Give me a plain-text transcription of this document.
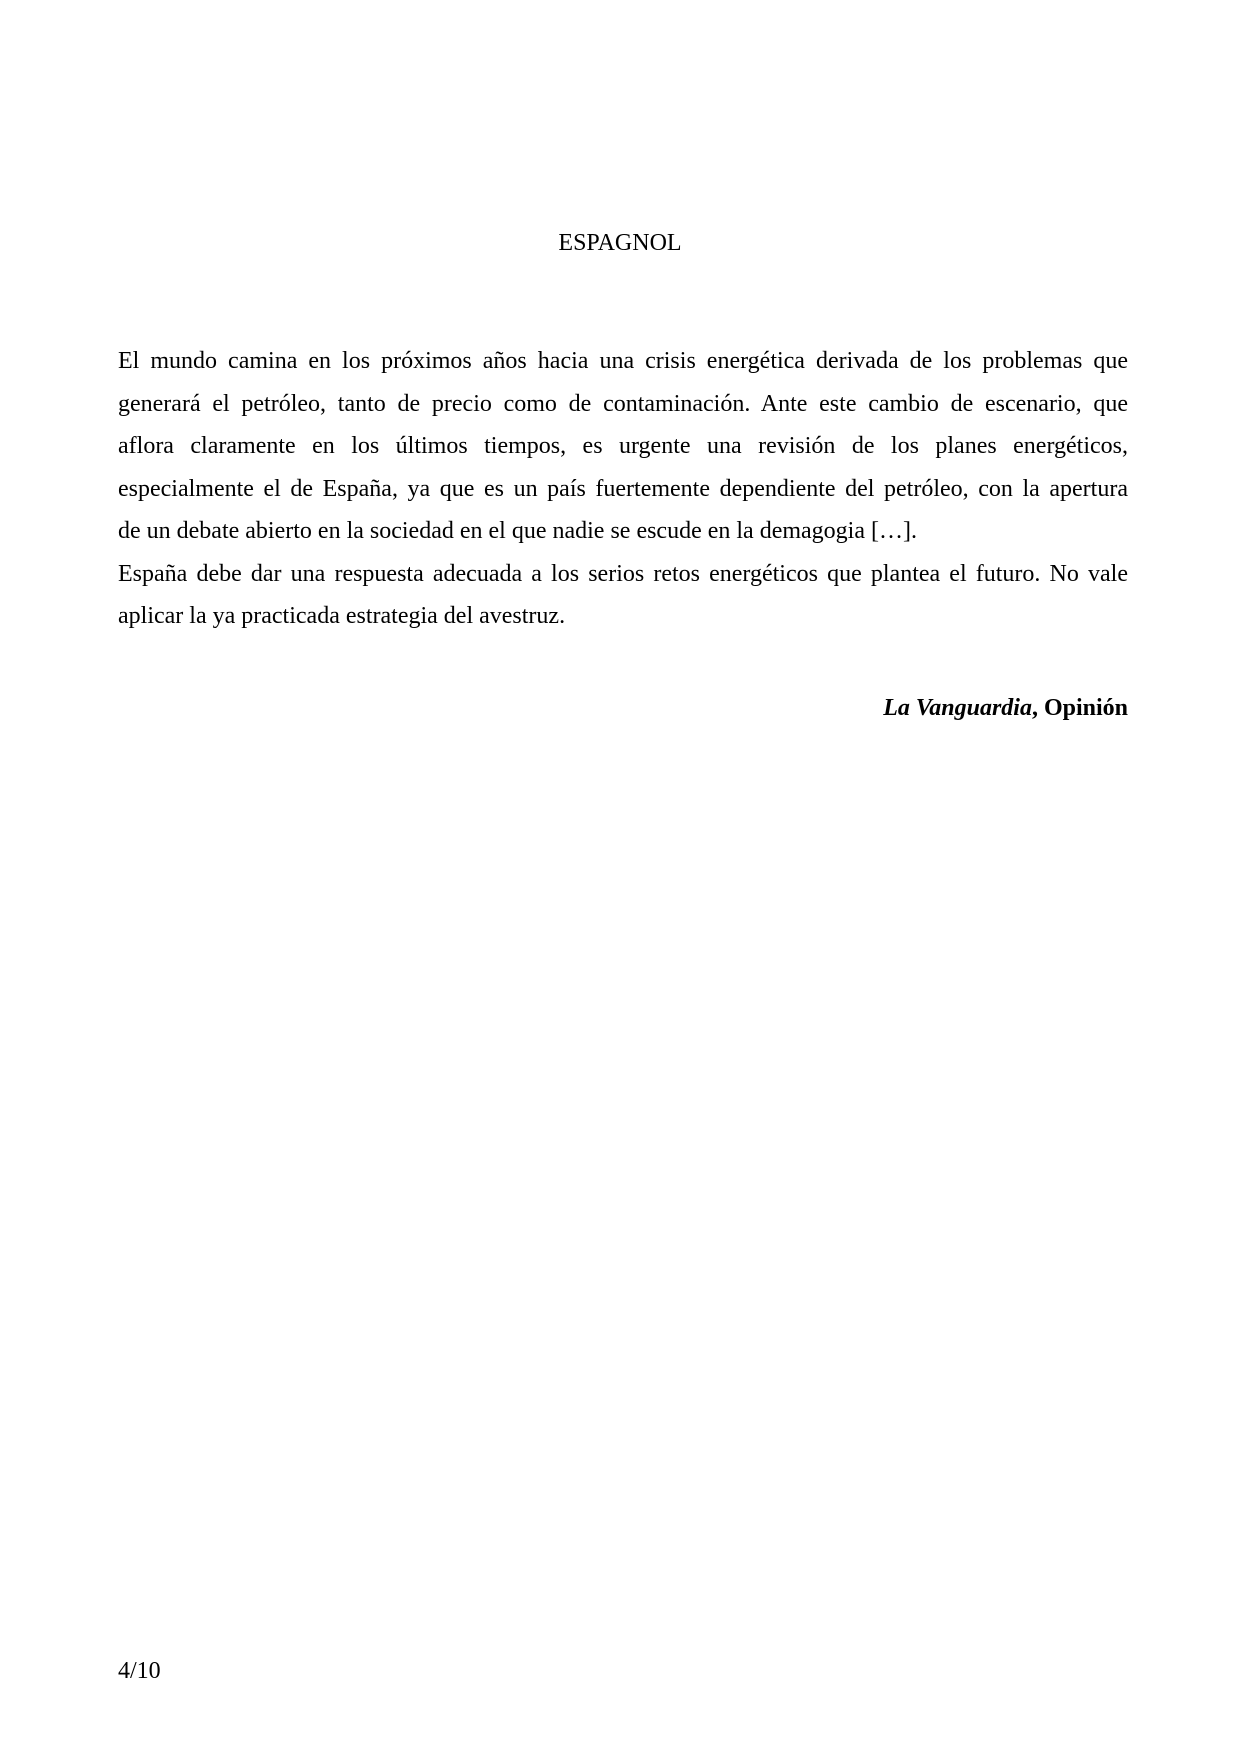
ESPAGNOL
El mundo camina en los próximos años hacia una crisis energética derivada de los problemas que
generará el petróleo, tanto de precio como de contaminación. Ante este cambio de escenario, que
aflora claramente en los últimos tiempos, es urgente una revisión de los planes energéticos,
especialmente el de España, ya que es un país fuertemente dependiente del petróleo, con la apertura
de un debate abierto en la sociedad en el que nadie se escude en la demagogia […].
España debe dar una respuesta adecuada a los serios retos energéticos que plantea el futuro. No vale
aplicar la ya practicada estrategia del avestruz.
La Vanguardia, Opinión
4/10
